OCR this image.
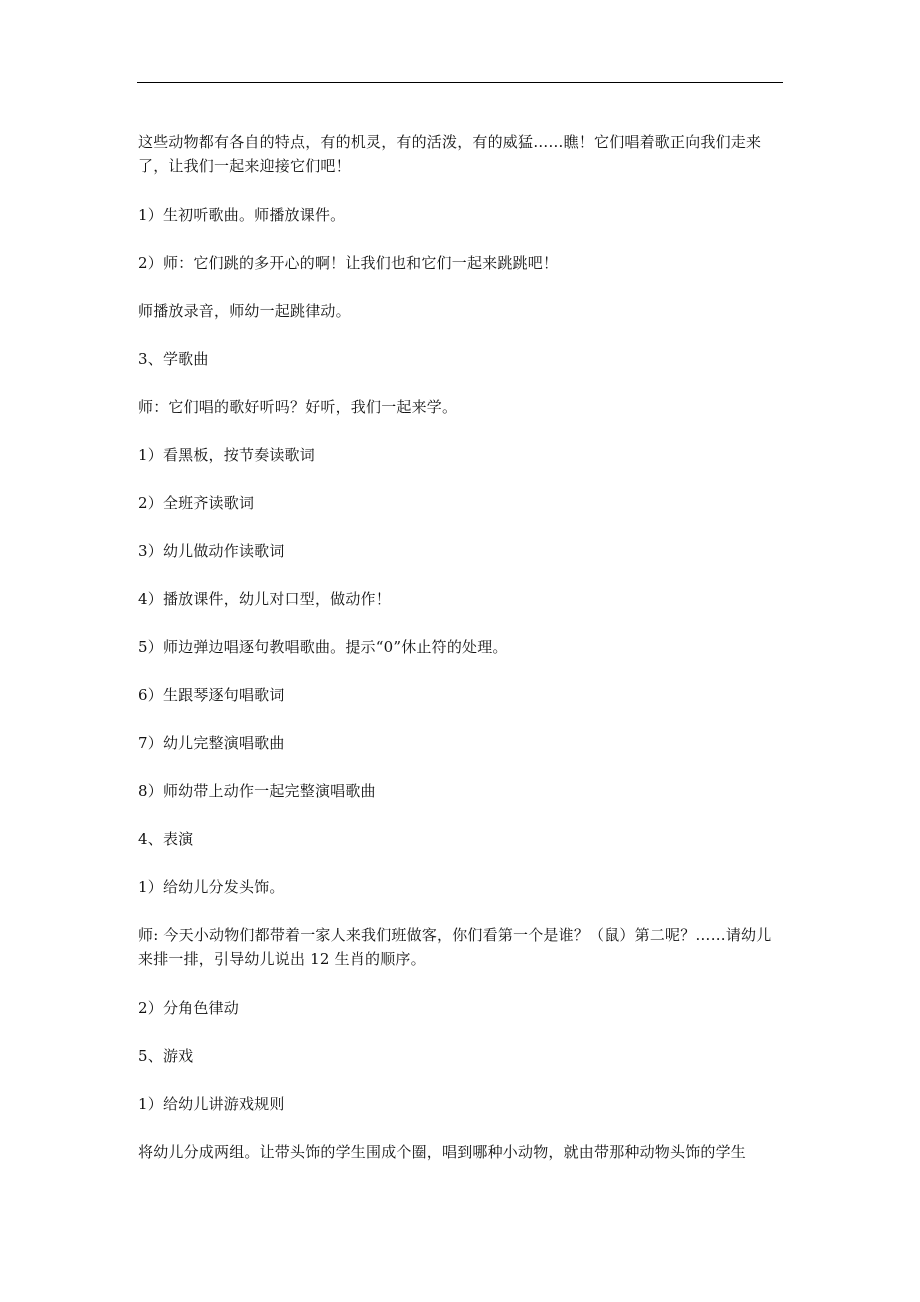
这些动物都有各自的特点，有的机灵，有的活泼，有的威猛……瞧！它们唱着歌正向我们走来了，让我们一起来迎接它们吧！

1）生初听歌曲。师播放课件。

2）师：它们跳的多开心的啊！让我们也和它们一起来跳跳吧！

师播放录音，师幼一起跳律动。

3、学歌曲

师：它们唱的歌好听吗？好听，我们一起来学。

1）看黑板，按节奏读歌词

2）全班齐读歌词

3）幼儿做动作读歌词

4）播放课件，幼儿对口型，做动作！

5）师边弹边唱逐句教唱歌曲。提示“0”休止符的处理。

6）生跟琴逐句唱歌词

7）幼儿完整演唱歌曲

8）师幼带上动作一起完整演唱歌曲

4、表演

1）给幼儿分发头饰。

师: 今天小动物们都带着一家人来我们班做客，你们看第一个是谁？（鼠）第二呢？……请幼儿来排一排，引导幼儿说出 12 生肖的顺序。

2）分角色律动

5、游戏

1）给幼儿讲游戏规则

将幼儿分成两组。让带头饰的学生围成个圈，唱到哪种小动物，就由带那种动物头饰的学生
